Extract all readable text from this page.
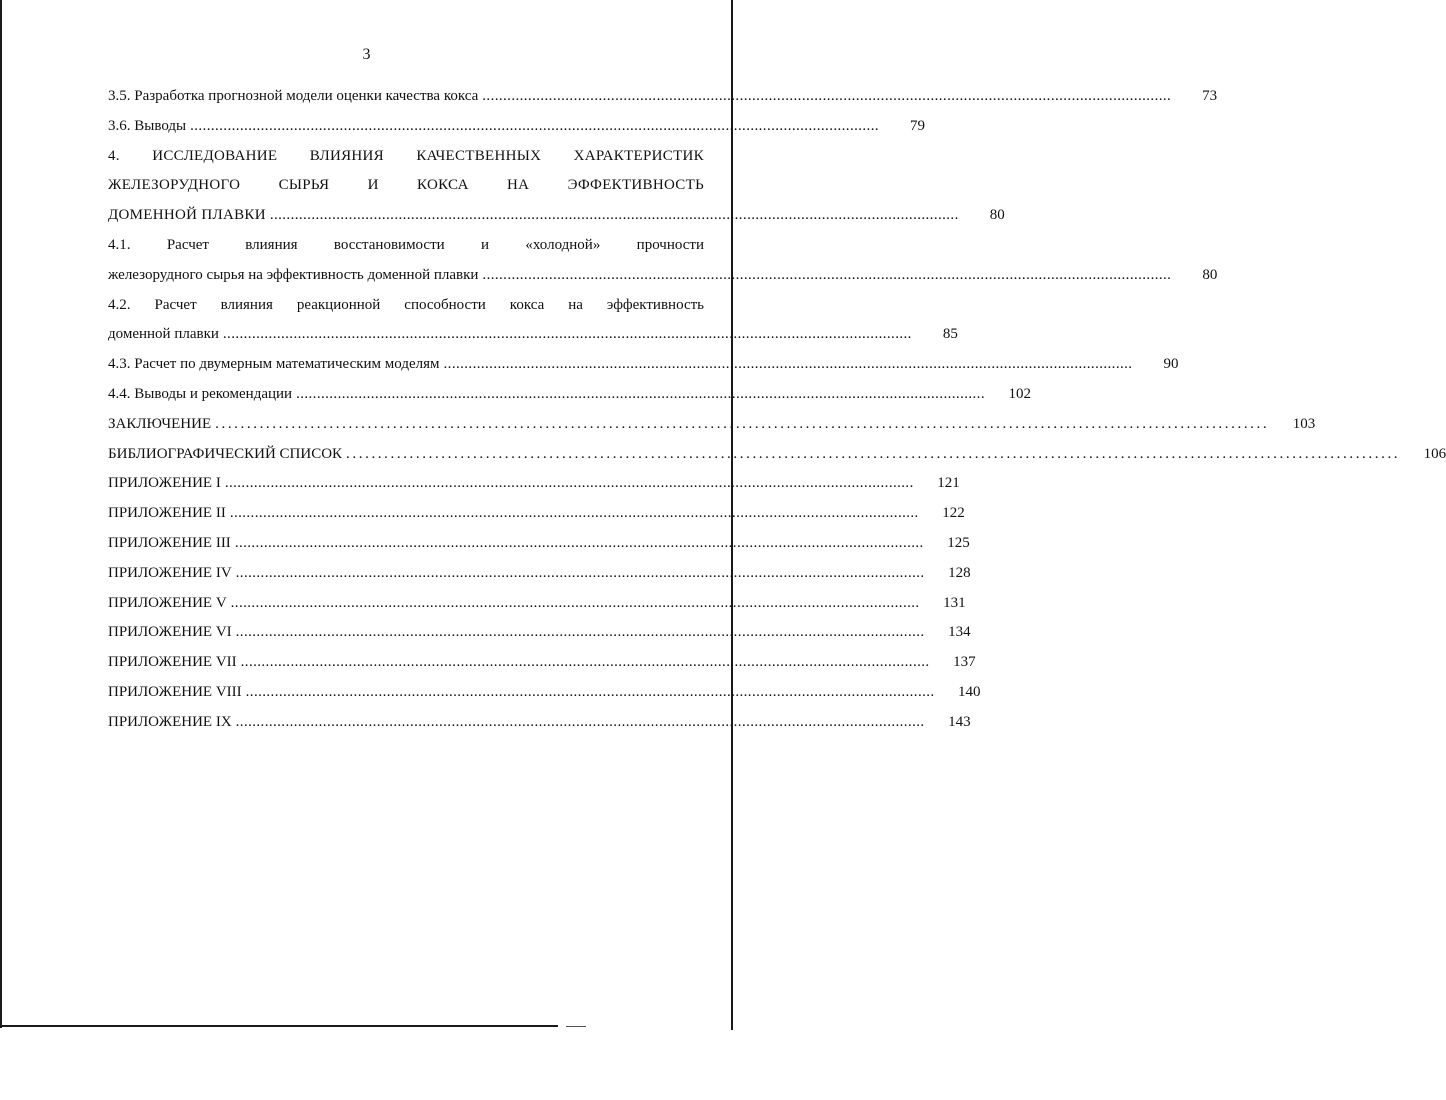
3
3.5. Разработка прогнозной модели оценки качества кокса ......................................................................................................................................................................	73
3.6. Выводы ......................................................................................................................................................................	79
4. ИССЛЕДОВАНИЕ ВЛИЯНИЯ КАЧЕСТВЕННЫХ ХАРАКТЕРИСТИК
ЖЕЛЕЗОРУДНОГО СЫРЬЯ И КОКСА НА ЭФФЕКТИВНОСТЬ
ДОМЕННОЙ ПЛАВКИ ......................................................................................................................................................................	80
4.1. Расчет влияния восстановимости и «холодной» прочности
железорудного сырья на эффективность доменной плавки ......................................................................................................................................................................	80
4.2. Расчет влияния реакционной способности кокса на эффективность
доменной плавки ......................................................................................................................................................................	85
4.3. Расчет по двумерным математическим моделям ......................................................................................................................................................................	90
4.4. Выводы и рекомендации ......................................................................................................................................................................	102
ЗАКЛЮЧЕНИЕ ......................................................................................................................................................................	103
БИБЛИОГРАФИЧЕСКИЙ СПИСОК ......................................................................................................................................................................	106
ПРИЛОЖЕНИЕ I ......................................................................................................................................................................	121
ПРИЛОЖЕНИЕ II ......................................................................................................................................................................	122
ПРИЛОЖЕНИЕ III ......................................................................................................................................................................	125
ПРИЛОЖЕНИЕ IV ......................................................................................................................................................................	128
ПРИЛОЖЕНИЕ V ......................................................................................................................................................................	131
ПРИЛОЖЕНИЕ VI ......................................................................................................................................................................	134
ПРИЛОЖЕНИЕ VII ......................................................................................................................................................................	137
ПРИЛОЖЕНИЕ VIII ......................................................................................................................................................................	140
ПРИЛОЖЕНИЕ IX ......................................................................................................................................................................	143
